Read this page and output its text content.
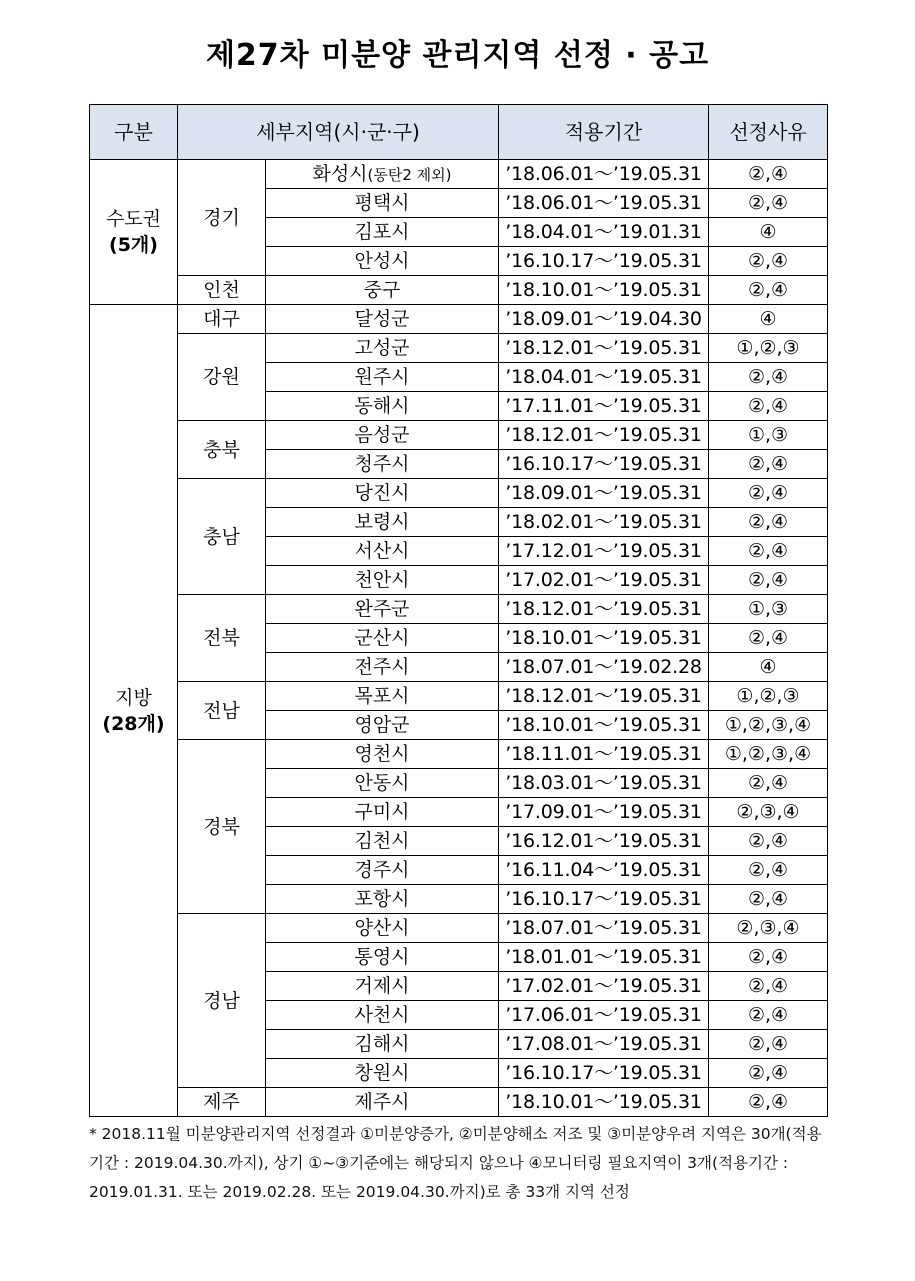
제27차 미분양 관리지역 선정 · 공고
구분	세부지역(시·군·구)		적용기간	선정사유

수도권
(5개)	경기	화성시(동탄2 제외)	’18.06.01～’19.05.31	②,④
		평택시	’18.06.01～’19.05.31	②,④
		김포시	’18.04.01～’19.01.31	④
		안성시	’16.10.17～’19.05.31	②,④
	인천	중구	’18.10.01～’19.05.31	②,④

지방
(28개)	대구	달성군	’18.09.01～’19.04.30	④
	강원	고성군	’18.12.01～’19.05.31	①,②,③
		원주시	’18.04.01～’19.05.31	②,④
		동해시	’17.11.01～’19.05.31	②,④
	충북	음성군	’18.12.01～’19.05.31	①,③
		청주시	’16.10.17～’19.05.31	②,④
	충남	당진시	’18.09.01～’19.05.31	②,④
		보령시	’18.02.01～’19.05.31	②,④
		서산시	’17.12.01～’19.05.31	②,④
		천안시	’17.02.01～’19.05.31	②,④
	전북	완주군	’18.12.01～’19.05.31	①,③
		군산시	’18.10.01～’19.05.31	②,④
		전주시	’18.07.01～’19.02.28	④
	전남	목포시	’18.12.01～’19.05.31	①,②,③
		영암군	’18.10.01～’19.05.31	①,②,③,④
	경북	영천시	’18.11.01～’19.05.31	①,②,③,④
		안동시	’18.03.01～’19.05.31	②,④
		구미시	’17.09.01～’19.05.31	②,③,④
		김천시	’16.12.01～’19.05.31	②,④
		경주시	’16.11.04～’19.05.31	②,④
		포항시	’16.10.17～’19.05.31	②,④
	경남	양산시	’18.07.01～’19.05.31	②,③,④
		통영시	’18.01.01～’19.05.31	②,④
		거제시	’17.02.01～’19.05.31	②,④
		사천시	’17.06.01～’19.05.31	②,④
		김해시	’17.08.01～’19.05.31	②,④
		창원시	’16.10.17～’19.05.31	②,④
	제주	제주시	’18.10.01～’19.05.31	②,④
* 2018.11월 미분양관리지역 선정결과 ①미분양증가, ②미분양해소 저조 및 ③미분양우려 지역은 30개(적용기간 : 2019.04.30.까지), 상기 ①~③기준에는 해당되지 않으나 ④모니터링 필요지역이 3개(적용기간 : 2019.01.31. 또는 2019.02.28. 또는 2019.04.30.까지)로 총 33개 지역 선정
